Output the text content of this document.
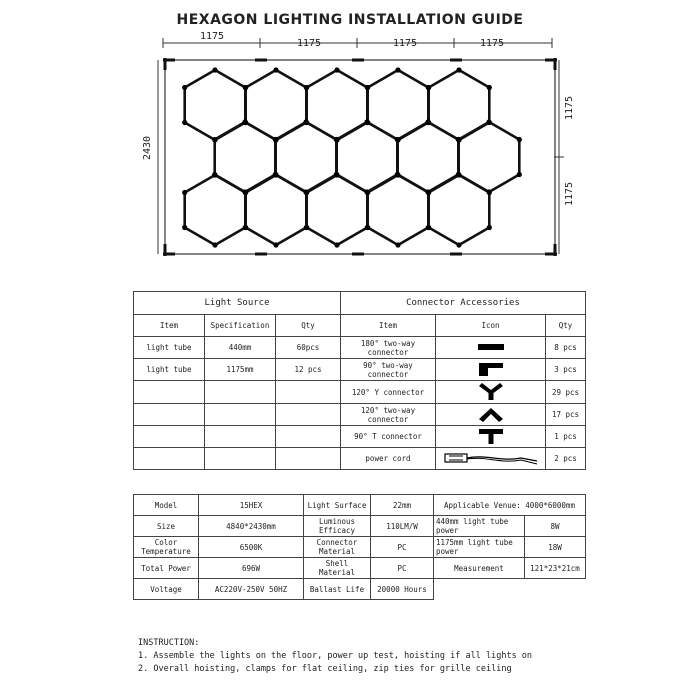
HEXAGON LIGHTING INSTALLATION GUIDE
1175
1175	1175	1175
2430
1175
1175
Light Source			Connector Accessories		
Item	Specification	Qty	Item	Icon	Qty
light tube	440mm	60pcs	180° two-way connector		8 pcs
light tube	1175mm	12 pcs	90° two-way connector		3 pcs
			120° Y connector		29 pcs
			120° two-way connector		17 pcs
			90° T connector		1 pcs
			power cord		2 pcs
Model	15HEX	Light Surface	22mm	Applicable Venue: 4000*6000mm	
Size	4840*2430mm	Luminous Efficacy	110LM/W	440mm light tube power	8W
Color Temperature	6500K	Connector Material	PC	1175mm light tube power	18W
Total Power	696W	Shell Material	PC	Measurement	121*23*21cm
Voltage	AC220V-250V 50HZ	Ballast Life	20000 Hours		
INSTRUCTION:
1. Assemble the lights on the floor, power up test, hoisting if all lights on
2. Overall hoisting, clamps for flat ceiling, zip ties for grille ceiling
